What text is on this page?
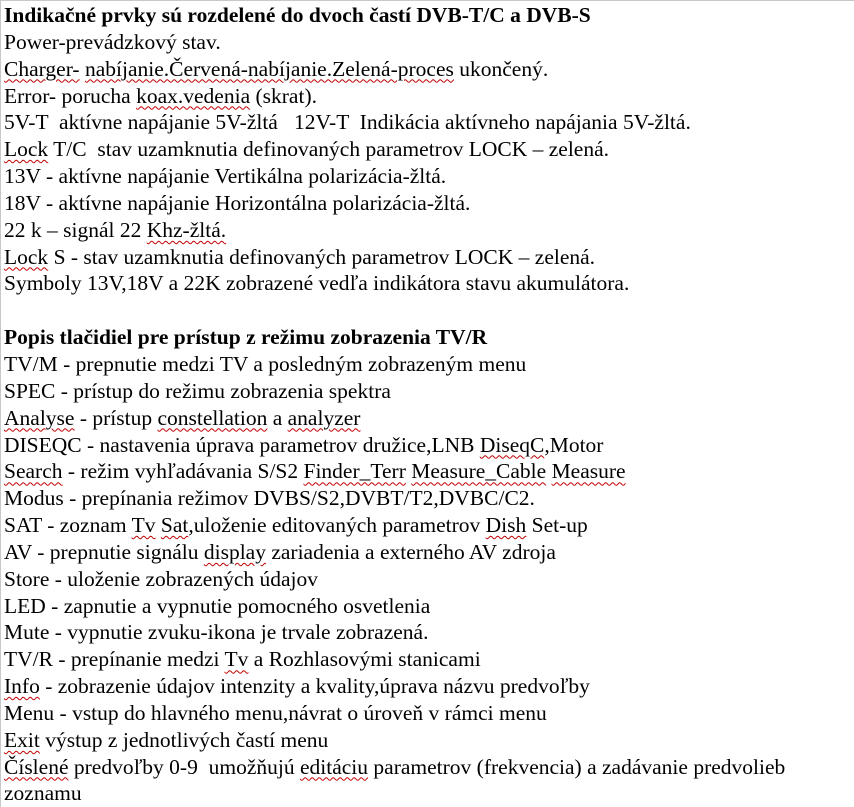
Indikačné prvky sú rozdelené do dvoch častí DVB-T/C a DVB-S

Power-prevádzkový stav.

Charger- nabíjanie.Červená-nabíjanie.Zelená-proces ukončený.

Error- porucha koax.vedenia (skrat).

5V-T  aktívne napájanie 5V-žltá   12V-T  Indikácia aktívneho napájania 5V-žltá.

Lock T/C  stav uzamknutia definovaných parametrov LOCK – zelená.

13V - aktívne napájanie Vertikálna polarizácia-žltá.

18V - aktívne napájanie Horizontálna polarizácia-žltá.

22 k – signál 22 Khz-žltá.

Lock S - stav uzamknutia definovaných parametrov LOCK – zelená.

Symboly 13V,18V a 22K zobrazené vedľa indikátora stavu akumulátora.

Popis tlačidiel pre prístup z režimu zobrazenia TV/R

TV/M - prepnutie medzi TV a posledným zobrazeným menu

SPEC - prístup do režimu zobrazenia spektra

Analyse - prístup constellation a analyzer

DISEQC - nastavenia úprava parametrov družice,LNB DiseqC,Motor

Search - režim vyhľadávania S/S2 Finder_Terr Measure_Cable Measure

Modus - prepínania režimov DVBS/S2,DVBT/T2,DVBC/C2.

SAT - zoznam Tv Sat,uloženie editovaných parametrov Dish Set-up

AV - prepnutie signálu display zariadenia a externého AV zdroja

Store - uloženie zobrazených údajov

LED - zapnutie a vypnutie pomocného osvetlenia

Mute - vypnutie zvuku-ikona je trvale zobrazená.

TV/R - prepínanie medzi Tv a Rozhlasovými stanicami

Info - zobrazenie údajov intenzity a kvality,úprava názvu predvoľby

Menu - vstup do hlavného menu,návrat o úroveň v rámci menu

Exit výstup z jednotlivých častí menu

Číslené predvoľby 0-9  umožňujú editáciu parametrov (frekvencia) a zadávanie predvolieb

zoznamu
